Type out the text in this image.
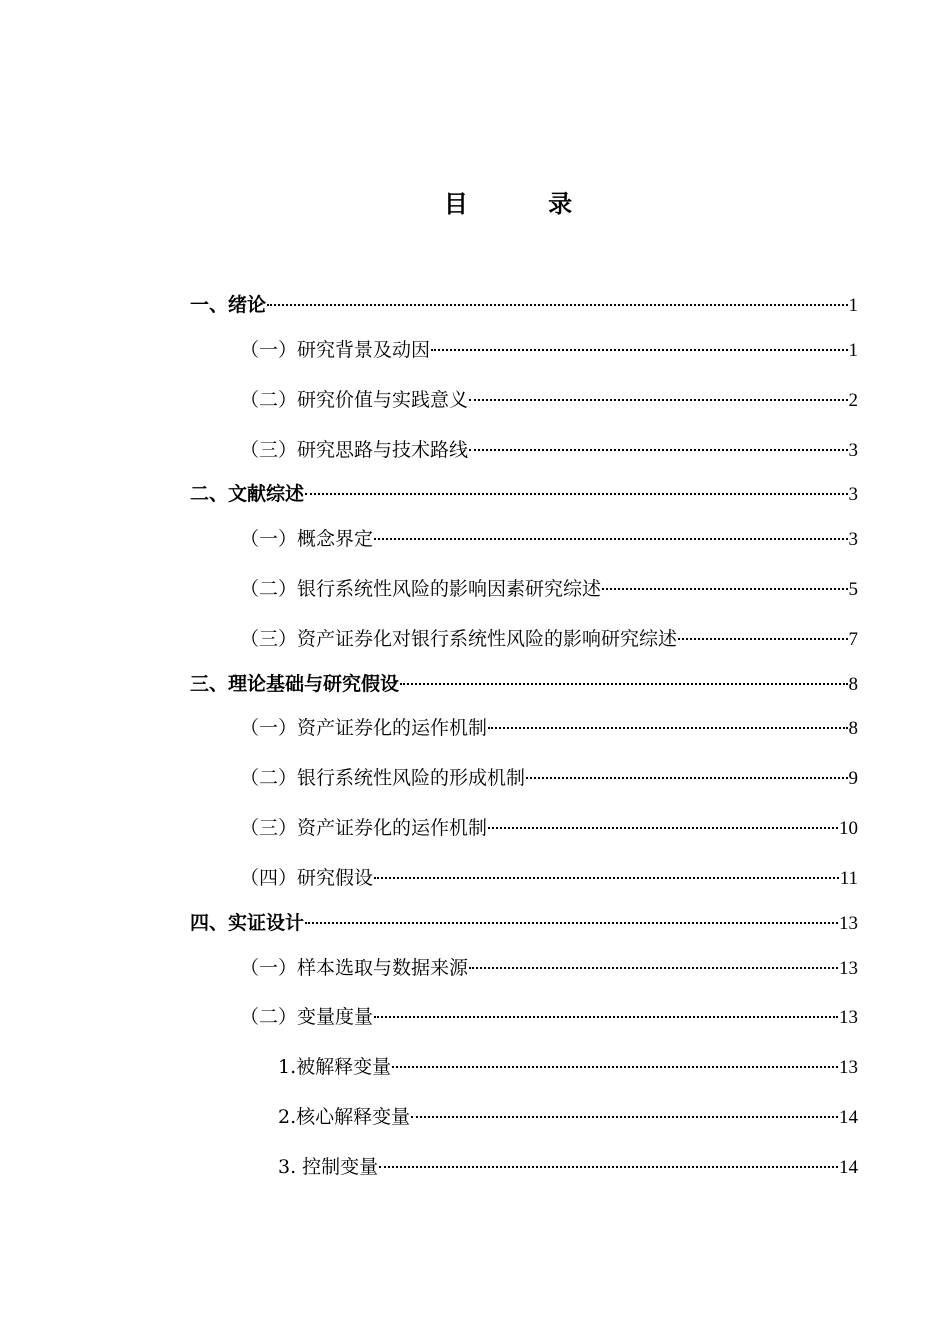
目 录
一、绪论	1
（一）研究背景及动因	1
（二）研究价值与实践意义	2
（三）研究思路与技术路线	3
二、文献综述	3
（一）概念界定	3
（二）银行系统性风险的影响因素研究综述	5
（三）资产证券化对银行系统性风险的影响研究综述	7
三、理论基础与研究假设	8
（一）资产证券化的运作机制	8
（二）银行系统性风险的形成机制	9
（三）资产证券化的运作机制	10
（四）研究假设	11
四、实证设计	13
（一）样本选取与数据来源	13
（二）变量度量	13
1.被解释变量	13
2.核心解释变量	14
3. 控制变量	14
